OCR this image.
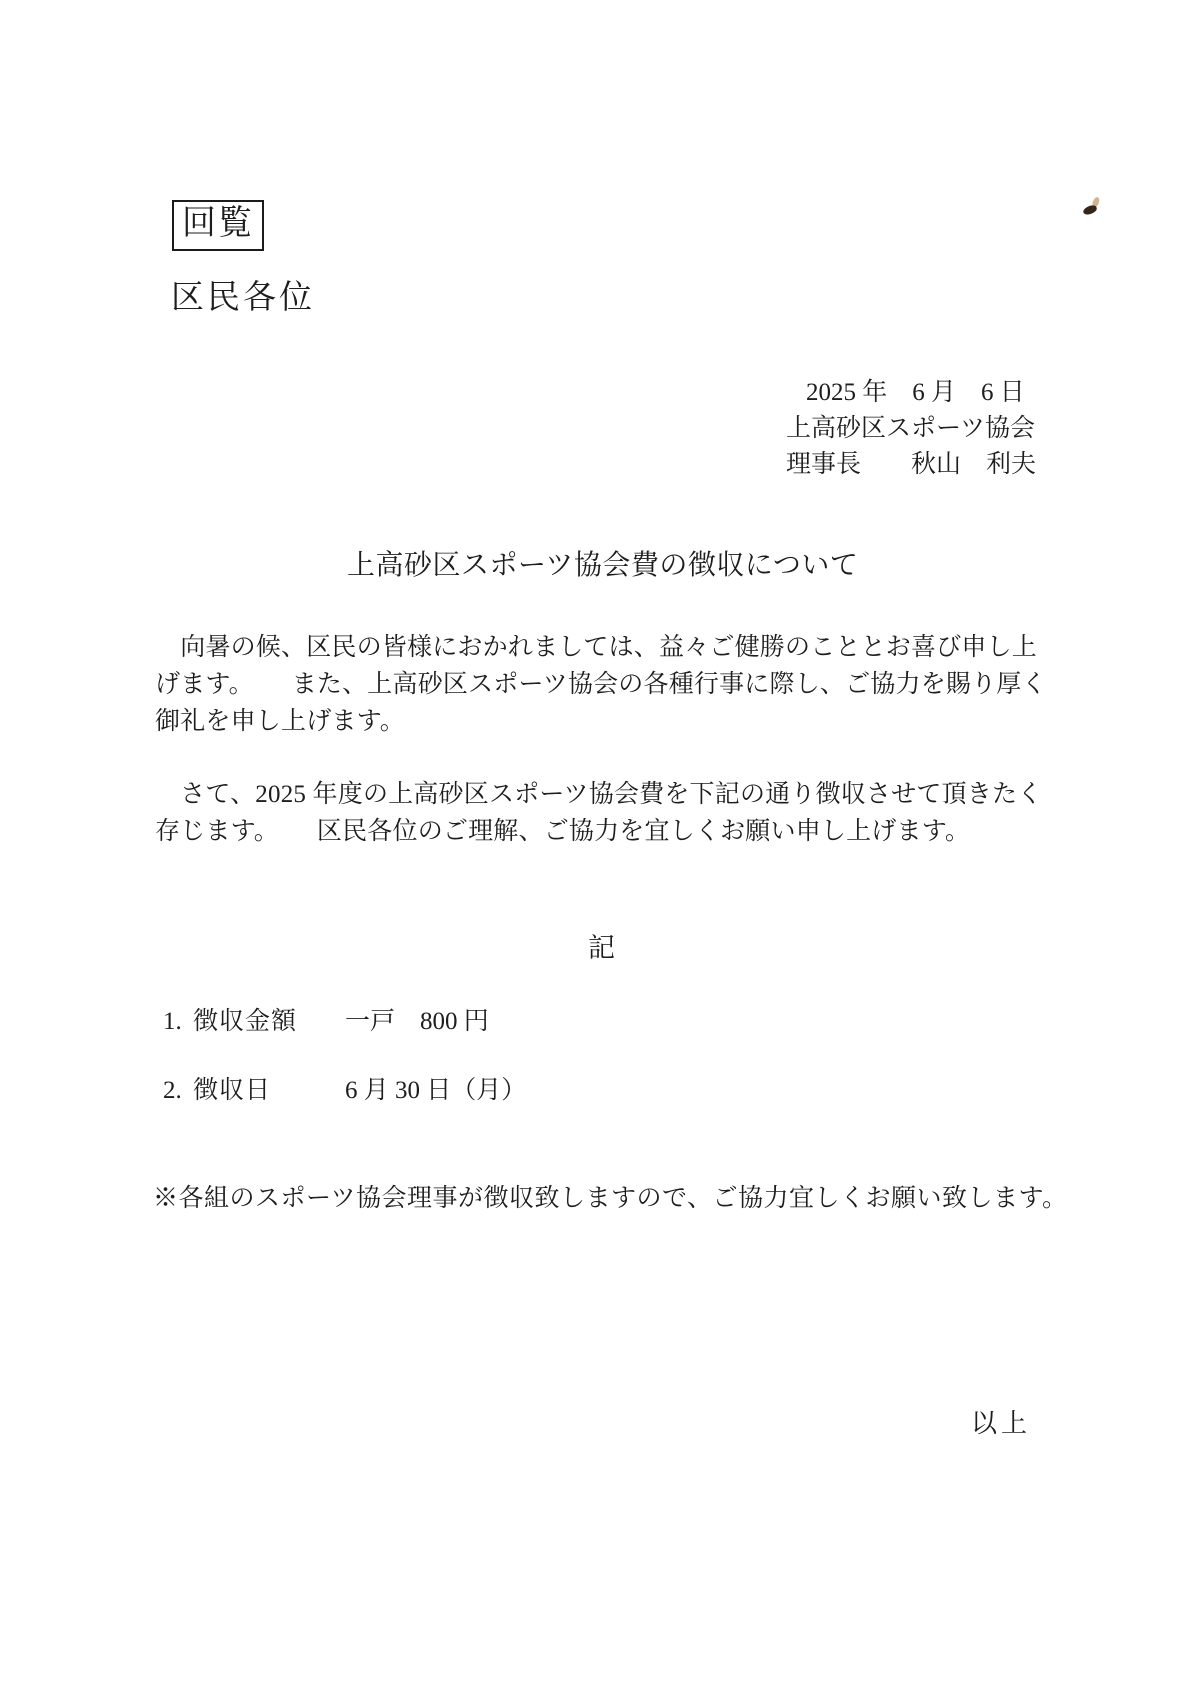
回覧
区民各位
2025 年　6 月　6 日
上高砂区スポーツ協会
理事長　　秋山　利夫
上高砂区スポーツ協会費の徴収について
　向暑の候、区民の皆様におかれましては、益々ご健勝のこととお喜び申し上
げます。　　また、上高砂区スポーツ協会の各種行事に際し、ご協力を賜り厚く
御礼を申し上げます。
　さて、2025 年度の上高砂区スポーツ協会費を下記の通り徴収させて頂きたく
存じます。　　区民各位のご理解、ご協力を宜しくお願い申し上げます。
記
1. 徴収金額 一戸　800 円
2. 徴収日	6 月 30 日（月）
※各組のスポーツ協会理事が徴収致しますので、ご協力宜しくお願い致します。
以上
